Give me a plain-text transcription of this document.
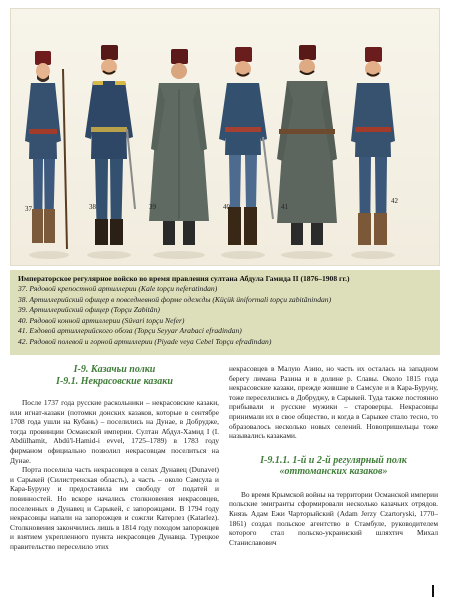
37	38	39	40	41
42
Императорское регулярное войско во время правления султана Абдула Гамида II (1876–1908 гг.)
37. Рядовой крепостной артиллерии (Kale topçu neferatindan)
38. Артиллерийский офицер в повседневной форме одежды (Küçük üniformali topçu zabitânindan)
39. Артиллерийский офицер (Topçu Zabitân)
40. Рядовой конной артиллерии (Süvari topçu Nefer)
41. Ездовой артиллерийского обоза (Topçu Seyyar Arabaci efradindan)
42. Рядовой полевой и горной артиллерии (Piyade veya Cebel Topçu efradindan)
I-9. Казачьи полки
I-9.1. Некрасовские казаки

После 1737 года русские раскольники – некрасовские казаки, или игнат-казаки (потомки донских казаков, которые в сентябре 1708 года ушли на Кубань) – поселились на Дунае, в Добрудже, тогда провинции Османской империи. Султан Абдул-Хамид I (I. Abdülhamit, Abdü'l-Hamid-i evvel, 1725–1789) в 1783 году фирманом официально позволил некрасовцам поселиться на Дунае.

Порта поселила часть некрасовцев в селах Дунавец (Dunavet) и Сарыкей (Силистренская область), а часть – около Самсула и Кара-Буруну и предоставила им свободу от податей и повинностей. Но вскоре начались столкновения некрасовцев, поселенных в Дунавец и Сарыкей, с запорожцами. В 1794 году некрасовцы напали на запорожцев и сожгли Катерлез (Katarlez). Столкновения закончились лишь в 1814 году походом запорожцев и взятием укрепленного пункта некрасовцев Дунавца. Турецкое правительство переселило этих

некрасовцев в Малую Азию, но часть их осталась на западном берегу лимана Разина и в долине р. Славы. Около 1815 года некрасовские казаки, прежде жившие в Самсуле и в Кара-Буруну, тоже переселились в Добруджу, в Сарыкей. Туда также постоянно прибывали и русские мужики – староверцы. Некрасовцы принимали их в свое общество, и когда в Сарыкее стало тесно, то образовалось несколько новых селений. Новопришельцы тоже назывались казаками.

I-9.1.1. 1-й и 2-й регулярный полк
«оттоманских казаков»

Во время Крымской войны на территории Османской империи польские эмигранты сформировали несколько казачьих отрядов. Князь Адам Ежи Чарторыйский (Adam Jerzy Czartoryski, 1770–1861) создал польское агентство в Стамбуле, руководителем которого стал польско-украинский шляхтич Михал Станиславович
